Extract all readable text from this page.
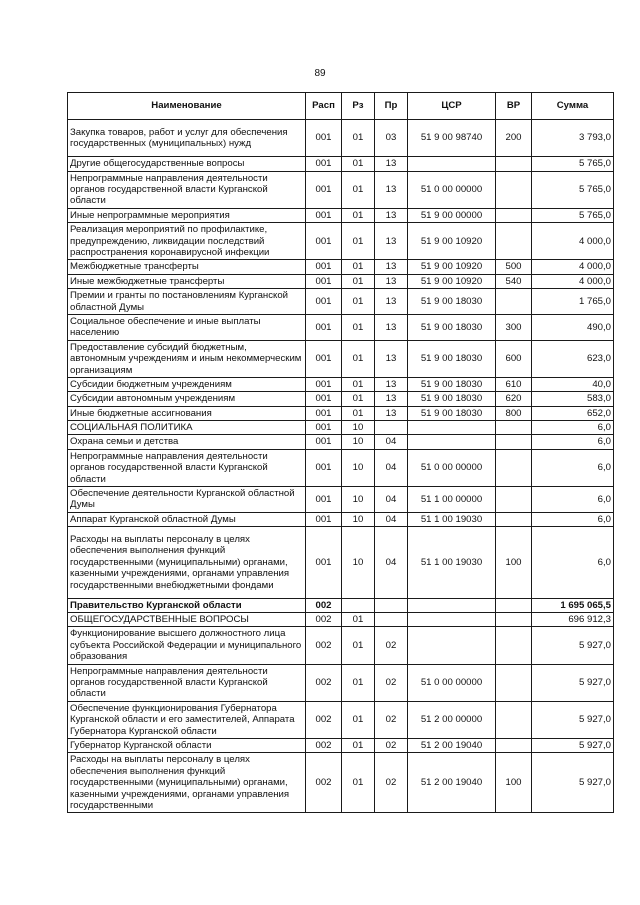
89
Наименование	Расп	Рз	Пр	ЦСР	ВР	Сумма
Закупка товаров, работ и услуг для обеспечения государственных (муниципальных) нужд	001	01	03	51 9 00 98740	200	3 793,0
Другие общегосударственные вопросы	001	01	13			5 765,0
Непрограммные направления деятельности органов государственной власти Курганской области	001	01	13	51 0 00 00000		5 765,0
Иные непрограммные мероприятия	001	01	13	51 9 00 00000		5 765,0
Реализация мероприятий по профилактике, предупреждению, ликвидации последствий распространения коронавирусной инфекции	001	01	13	51 9 00 10920		4 000,0
Межбюджетные трансферты	001	01	13	51 9 00 10920	500	4 000,0
Иные межбюджетные трансферты	001	01	13	51 9 00 10920	540	4 000,0
Премии и гранты по постановлениям Курганской областной Думы	001	01	13	51 9 00 18030		1 765,0
Социальное обеспечение и иные выплаты населению	001	01	13	51 9 00 18030	300	490,0
Предоставление субсидий бюджетным, автономным учреждениям и иным некоммерческим организациям	001	01	13	51 9 00 18030	600	623,0
Субсидии бюджетным учреждениям	001	01	13	51 9 00 18030	610	40,0
Субсидии автономным учреждениям	001	01	13	51 9 00 18030	620	583,0
Иные бюджетные ассигнования	001	01	13	51 9 00 18030	800	652,0
СОЦИАЛЬНАЯ ПОЛИТИКА	001	10				6,0
Охрана семьи и детства	001	10	04			6,0
Непрограммные направления деятельности органов государственной власти Курганской области	001	10	04	51 0 00 00000		6,0
Обеспечение деятельности Курганской областной Думы	001	10	04	51 1 00 00000		6,0
Аппарат Курганской областной Думы	001	10	04	51 1 00 19030		6,0
Расходы на выплаты персоналу в целях обеспечения выполнения функций государственными (муниципальными) органами, казенными учреждениями, органами управления государственными внебюджетными фондами	001	10	04	51 1 00 19030	100	6,0
Правительство Курганской области	002					1 695 065,5
ОБЩЕГОСУДАРСТВЕННЫЕ ВОПРОСЫ	002	01				696 912,3
Функционирование высшего должностного лица субъекта Российской Федерации и муниципального образования	002	01	02			5 927,0
Непрограммные направления деятельности органов государственной власти Курганской области	002	01	02	51 0 00 00000		5 927,0
Обеспечение функционирования Губернатора Курганской области и его заместителей, Аппарата Губернатора Курганской области	002	01	02	51 2 00 00000		5 927,0
Губернатор Курганской области	002	01	02	51 2 00 19040		5 927,0
Расходы на выплаты персоналу в целях обеспечения выполнения функций государственными (муниципальными) органами, казенными учреждениями, органами управления государственными	002	01	02	51 2 00 19040	100	5 927,0
